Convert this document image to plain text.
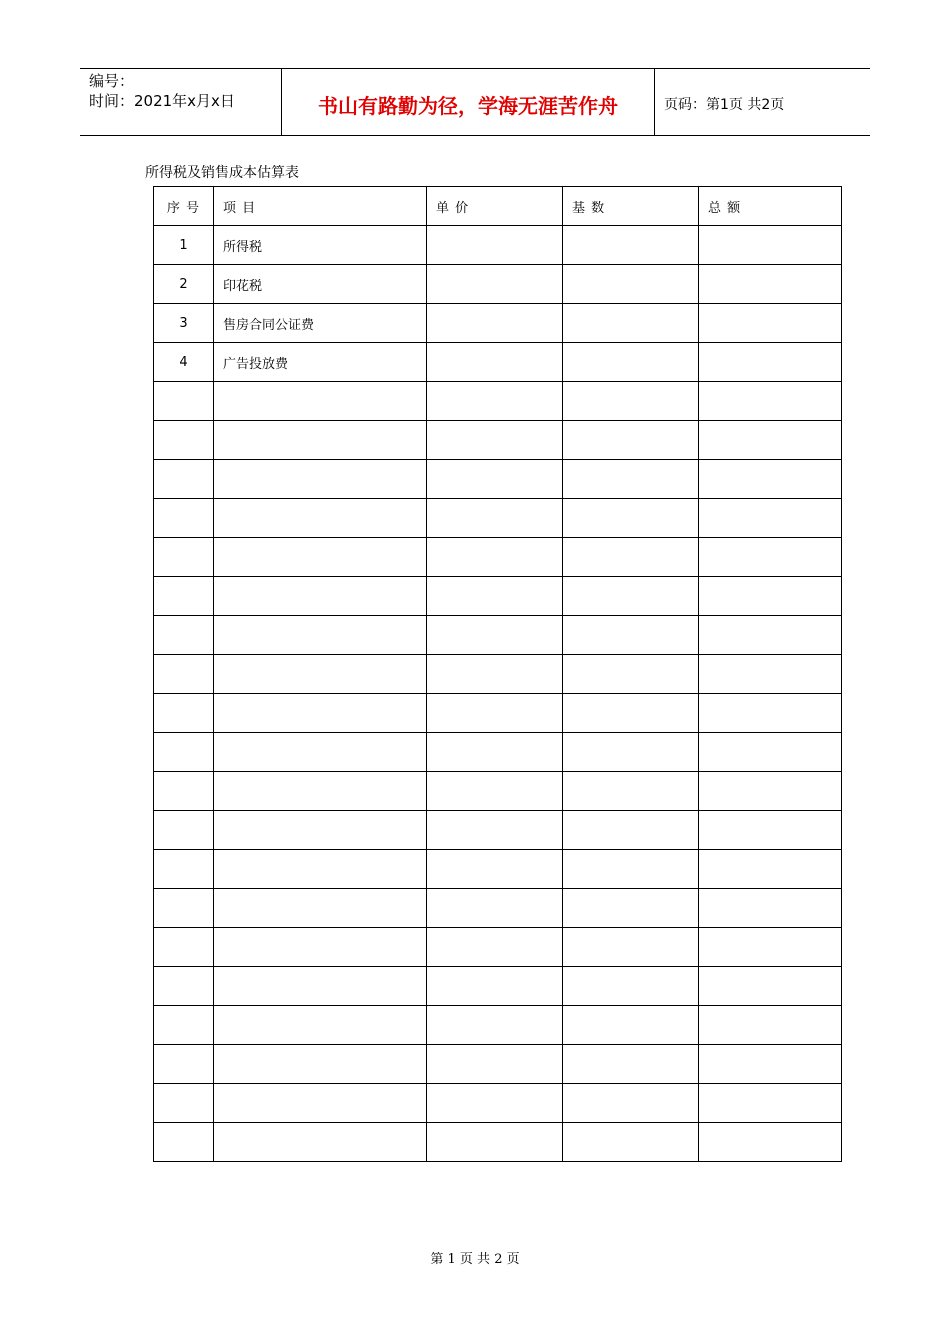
编号：
时间：2021年x月x日	书山有路勤为径，学海无涯苦作舟	页码：第1页 共2页
所得税及销售成本估算表
序 号	项 目	单 价	基 数	总 额
1	所得税			
2	印花税			
3	售房合同公证费			
4	广告投放费			

第 1 页 共 2 页
